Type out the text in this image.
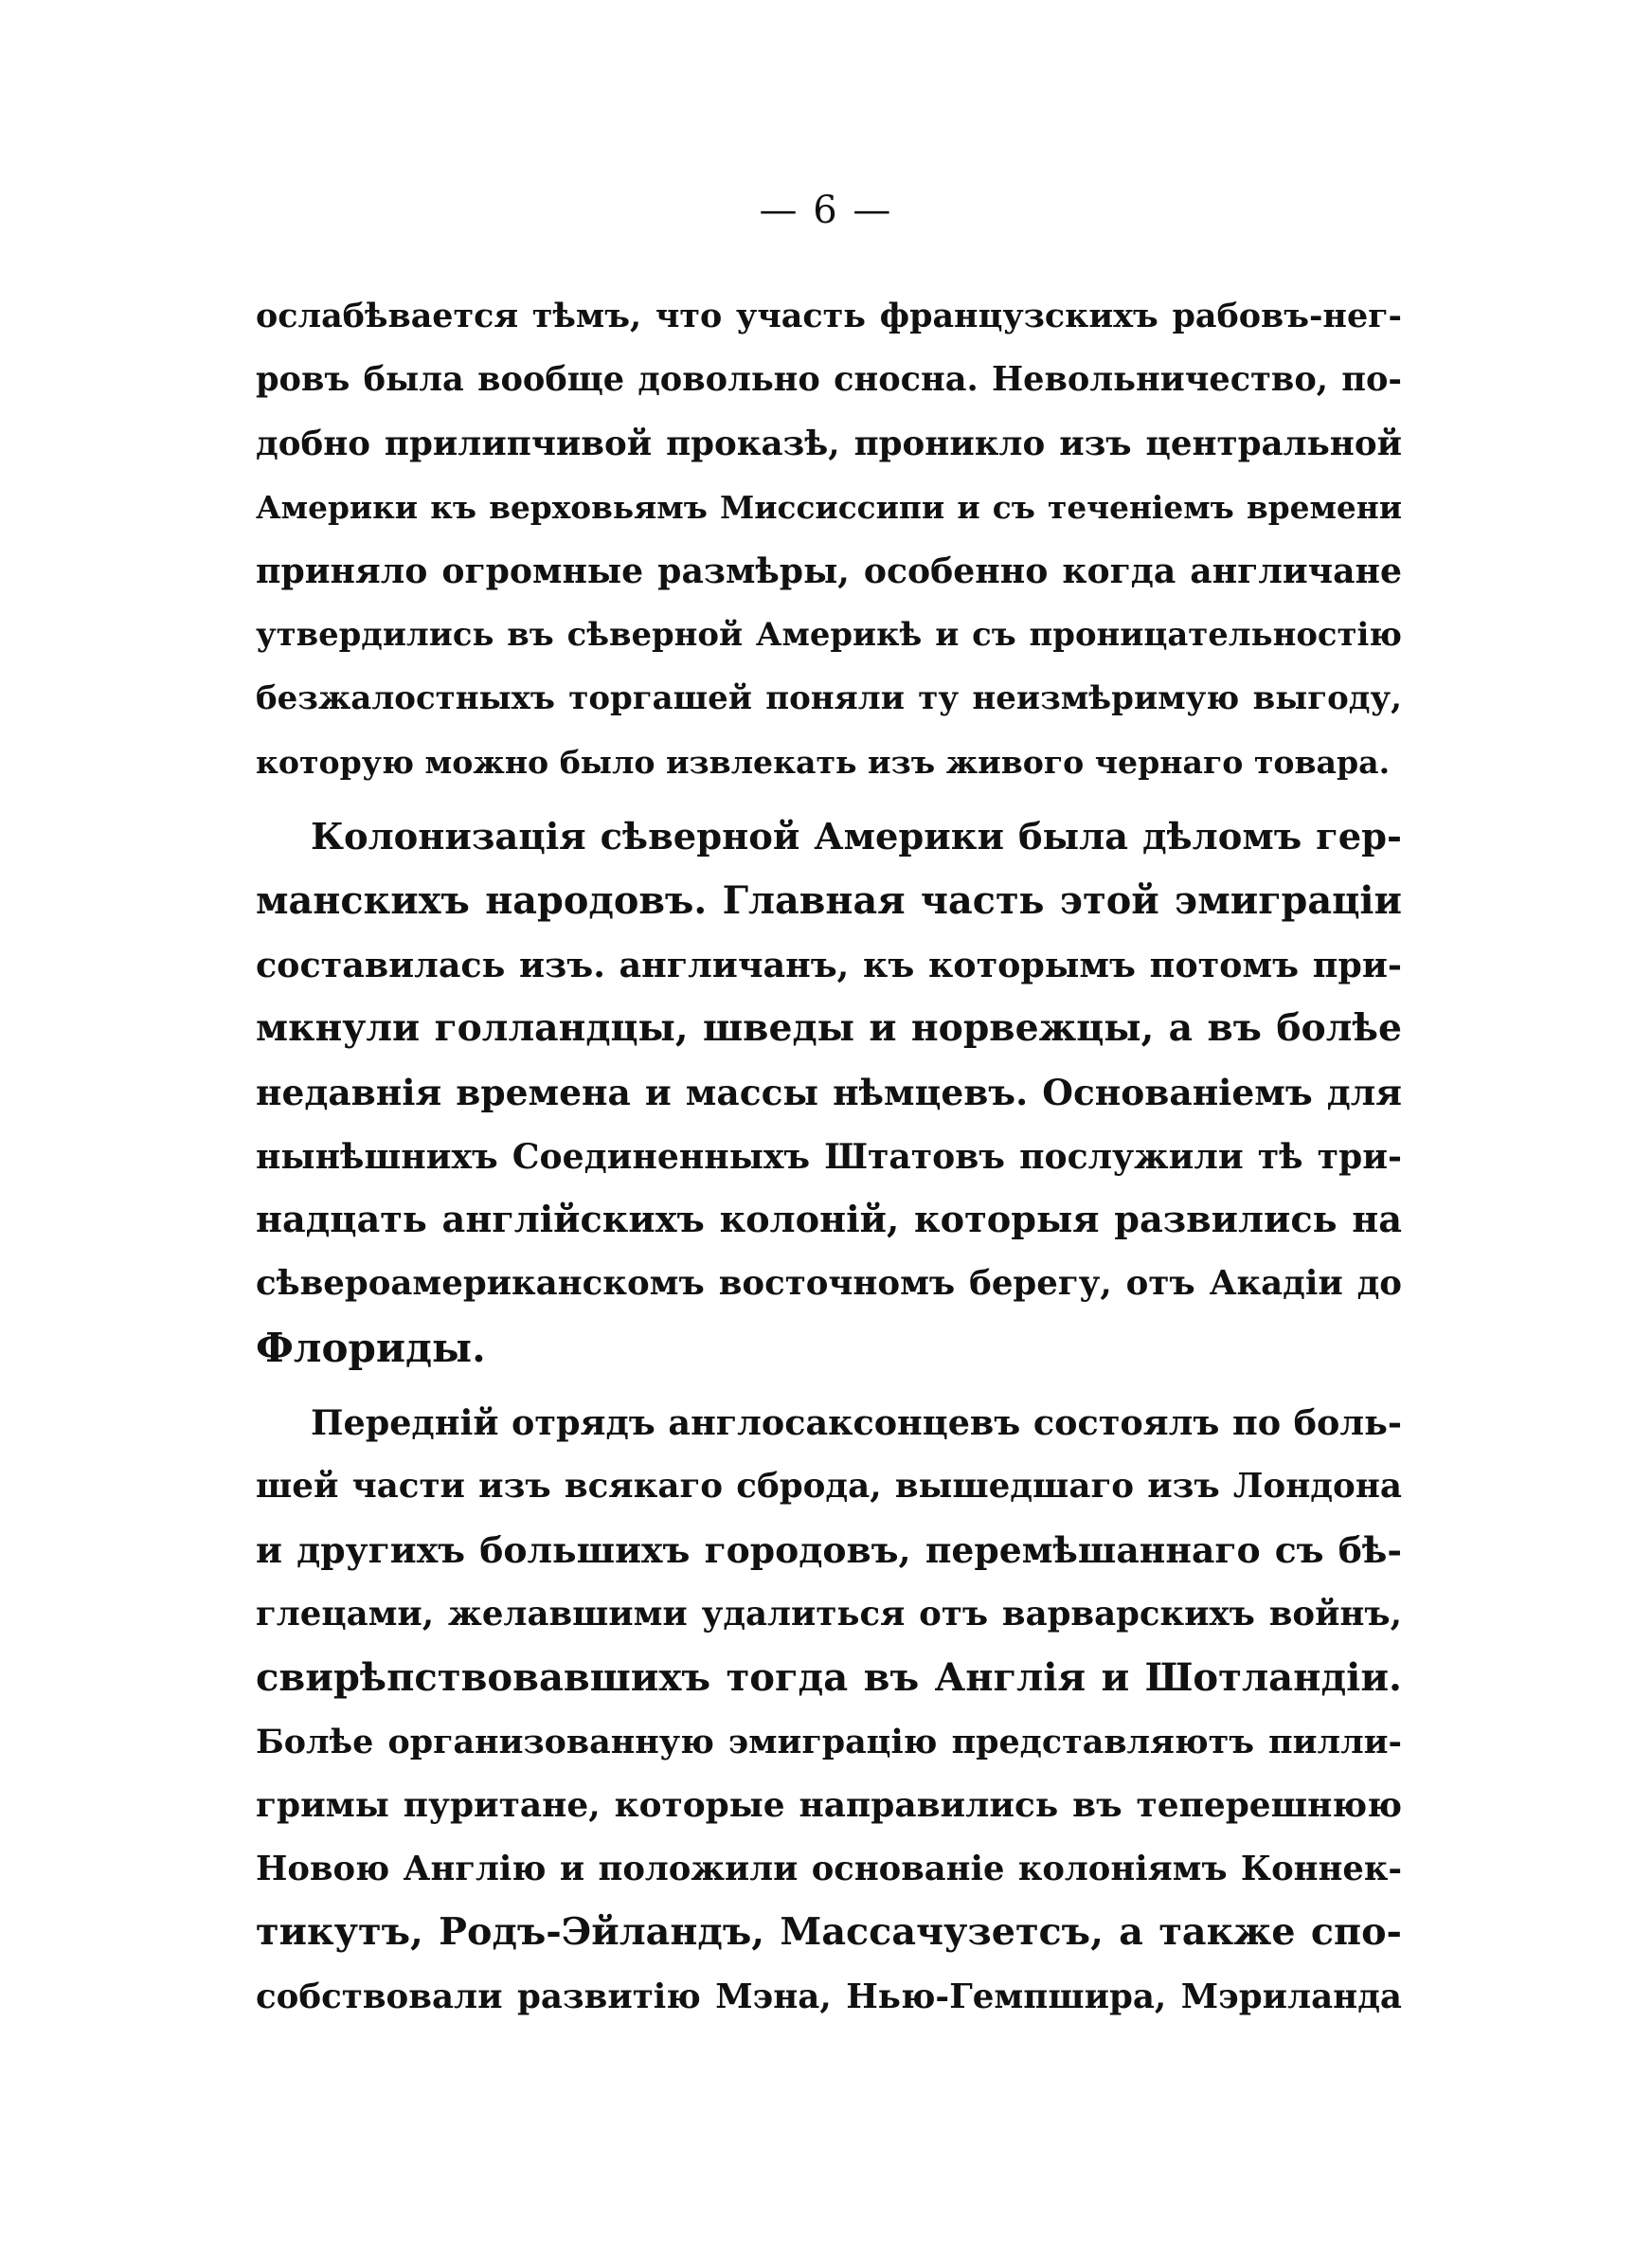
— 6 —
ослабѣвается тѣмъ, что участь французскихъ рабовъ-нег-
ровъ была вообще довольно сносна. Невольничество, по-
добно прилипчивой проказѣ, проникло изъ центральной
Америки къ верховьямъ Миссиссипи и съ теченіемъ времени
приняло огромные размѣры, особенно когда англичане
утвердились въ сѣверной Америкѣ и съ проницательностію
безжалостныхъ торгашей поняли ту неизмѣримую выгоду,
которую можно было извлекать изъ живого чернаго товара.
Колонизація сѣверной Америки была дѣломъ гер-
манскихъ народовъ. Главная часть этой эмиграціи
составилась изъ. англичанъ, къ которымъ потомъ при-
мкнули голландцы, шведы и норвежцы, а въ болѣе
недавнія времена и массы нѣмцевъ. Основаніемъ для
нынѣшнихъ Соединенныхъ Штатовъ послужили тѣ три-
надцать англійскихъ колоній, которыя развились на
сѣвероамериканскомъ восточномъ берегу, отъ Акадіи до
Флориды.
Передній отрядъ англосаксонцевъ состоялъ по боль-
шей части изъ всякаго сброда, вышедшаго изъ Лондона
и другихъ большихъ городовъ, перемѣшаннаго съ бѣ-
глецами, желавшими удалиться отъ варварскихъ войнъ,
свирѣпствовавшихъ тогда въ Англія и Шотландіи.
Болѣе организованную эмиграцію представляютъ пилли-
гримы пуритане, которые направились въ теперешнюю
Новою Англію и положили основаніе колоніямъ Коннек-
тикутъ, Родъ-Эйландъ, Массачузетсъ, а также спо-
собствовали развитію Мэна, Нью-Гемпшира, Мэриланда
